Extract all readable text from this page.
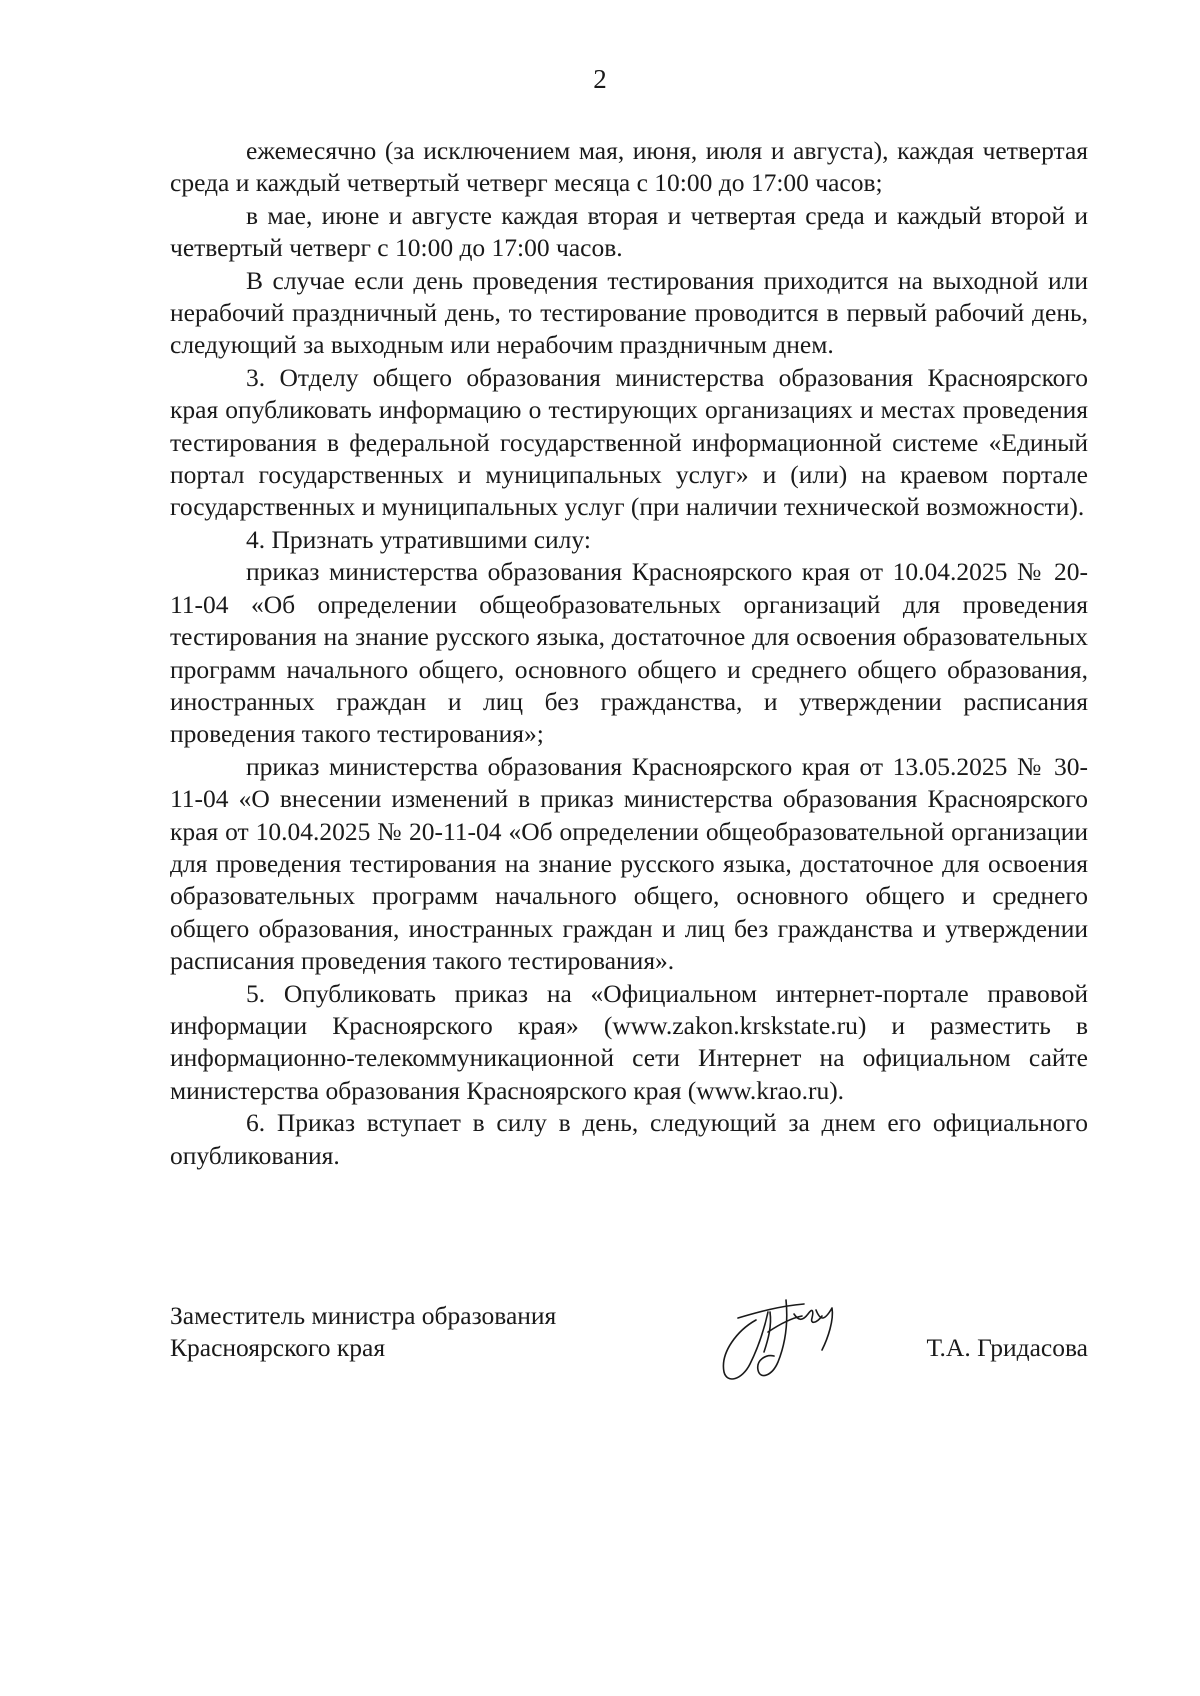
2

ежемесячно (за исключением мая, июня, июля и августа), каждая четвертая среда и каждый четвертый четверг месяца с 10:00 до 17:00 часов;

в мае, июне и августе каждая вторая и четвертая среда и каждый второй и четвертый четверг с 10:00 до 17:00 часов.

В случае если день проведения тестирования приходится на выходной или нерабочий праздничный день, то тестирование проводится в первый рабочий день, следующий за выходным или нерабочим праздничным днем.

3. Отделу общего образования министерства образования Красноярского края опубликовать информацию о тестирующих организациях и местах проведения тестирования в федеральной государственной информационной системе «Единый портал государственных и муниципальных услуг» и (или) на краевом портале государственных и муниципальных услуг (при наличии технической возможности).

4. Признать утратившими силу:

приказ министерства образования Красноярского края от 10.04.2025 № 20-11-04 «Об определении общеобразовательных организаций для проведения тестирования на знание русского языка, достаточное для освоения образовательных программ начального общего, основного общего и среднего общего образования, иностранных граждан и лиц без гражданства, и утверждении расписания проведения такого тестирования»;

приказ министерства образования Красноярского края от 13.05.2025 № 30-11-04 «О внесении изменений в приказ министерства образования Красноярского края от 10.04.2025 № 20-11-04 «Об определении общеобразовательной организации для проведения тестирования на знание русского языка, достаточное для освоения образовательных программ начального общего, основного общего и среднего общего образования, иностранных граждан и лиц без гражданства и утверждении расписания проведения такого тестирования».

5. Опубликовать приказ на «Официальном интернет-портале правовой информации Красноярского края» (www.zakon.krskstate.ru) и разместить в информационно-телекоммуникационной сети Интернет на официальном сайте министерства образования Красноярского края (www.krao.ru).

6. Приказ вступает в силу в день, следующий за днем его официального опубликования.

Заместитель министра образования
Красноярского края	Т.А. Гридасова
